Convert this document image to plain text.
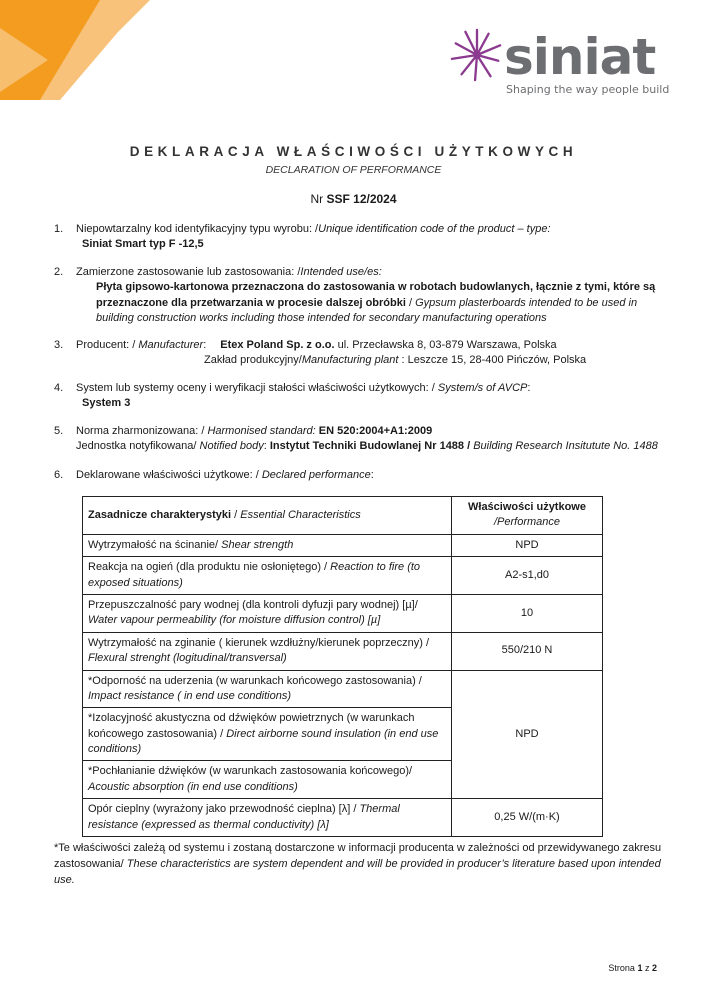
siniat
Shaping the way people build
DEKLARACJA WŁAŚCIWOŚCI UŻYTKOWYCH
DECLARATION OF PERFORMANCE
Nr SSF 12/2024
1. Niepowtarzalny kod identyfikacyjny typu wyrobu: /Unique identification code of the product – type:
Siniat Smart typ F -12,5
2. Zamierzone zastosowanie lub zastosowania: /Intended use/es:
Płyta gipsowo-kartonowa przeznaczona do zastosowania w robotach budowlanych, łącznie z tymi, które są przeznaczone dla przetwarzania w procesie dalszej obróbki / Gypsum plasterboards intended to be used in building construction works including those intended for secondary manufacturing operations
3. Producent: / Manufacturer: Etex Poland Sp. z o.o. ul. Przecławska 8, 03-879 Warszawa, Polska
Zakład produkcyjny/Manufacturing plant : Leszcze 15, 28-400 Pińczów, Polska
4. System lub systemy oceny i weryfikacji stałości właściwości użytkowych: / System/s of AVCP:
System 3
5. Norma zharmonizowana: / Harmonised standard: EN 520:2004+A1:2009
Jednostka notyfikowana/ Notified body: Instytut Techniki Budowlanej Nr 1488 / Building Research Insitutute No. 1488
6. Deklarowane właściwości użytkowe: / Declared performance:
Zasadnicze charakterystyki / Essential Characteristics	Właściwości użytkowe
/Performance

Wytrzymałość na ścinanie/ Shear strength	NPD
Reakcja na ogień (dla produktu nie osłoniętego) / Reaction to fire (to exposed situations)	A2-s1,d0
Przepuszczalność pary wodnej (dla kontroli dyfuzji pary wodnej) [µ]/ Water vapour permeability (for moisture diffusion control) [µ]	10
Wytrzymałość na zginanie ( kierunek wzdłużny/kierunek poprzeczny) / Flexural strenght (logitudinal/transversal)	550/210 N
*Odporność na uderzenia (w warunkach końcowego zastosowania) / Impact resistance ( in end use conditions)	NPD
*Izolacyjność akustyczna od dźwięków powietrznych (w warunkach końcowego zastosowania) / Direct airborne sound insulation (in end use conditions)	
*Pochłanianie dźwięków (w warunkach zastosowania końcowego)/ Acoustic absorption (in end use conditions)	
Opór cieplny (wyrażony jako przewodność cieplna) [λ] / Thermal resistance (expressed as thermal conductivity) [λ]	0,25 W/(m·K)
*Te właściwości zależą od systemu i zostaną dostarczone w informacji producenta w zależności od przewidywanego zakresu zastosowania/ These characteristics are system dependent and will be provided in producer’s literature based upon intended use.
Strona 1 z 2
